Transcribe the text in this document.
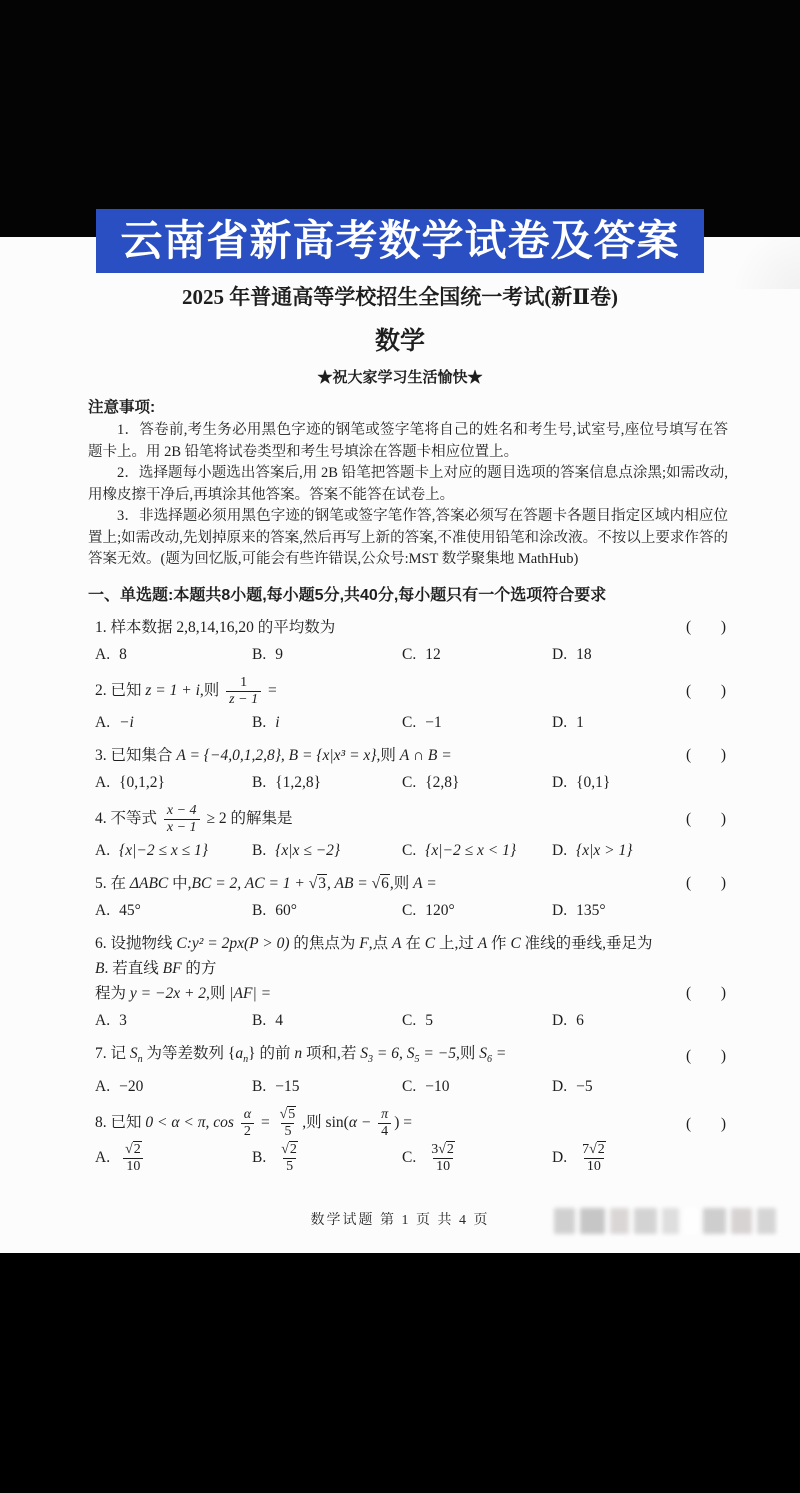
云南省新高考数学试卷及答案

2025 年普通高等学校招生全国统一考试(新Ⅱ卷)

数学

★祝大家学习生活愉快★

注意事项:

1．答卷前,考生务必用黑色字迹的钢笔或签字笔将自己的姓名和考生号,试室号,座位号填写在答题卡上。用 2B 铅笔将试卷类型和考生号填涂在答题卡相应位置上。

2．选择题每小题选出答案后,用 2B 铅笔把答题卡上对应的题目选项的答案信息点涂黑;如需改动,用橡皮擦干净后,再填涂其他答案。答案不能答在试卷上。

3．非选择题必须用黑色字迹的钢笔或签字笔作答,答案必须写在答题卡各题目指定区域内相应位置上;如需改动,先划掉原来的答案,然后再写上新的答案,不准使用铅笔和涂改液。不按以上要求作答的答案无效。(题为回忆版,可能会有些许错误,公众号:MST 数学聚集地 MathHub)

一、单选题:本题共8小题,每小题5分,共40分,每小题只有一个选项符合要求

1. 样本数据 2,8,14,16,20 的平均数为	( )
A. 8	B. 9	C. 12	D. 18
2. 已知 z = 1 + i,则 $\frac{1}{z - 1}$ =	( )
A. −i	B. i	C. −1	D. 1
3. 已知集合 A = {−4,0,1,2,8}, B = {x|x³ = x},则 A ∩ B =	( )
A. {0,1,2}	B. {1,2,8}	C. {2,8}	D. {0,1}
4. 不等式 $\frac{x - 4}{x - 1} \ge 2$ 的解集是	( )
A. {x|−2 ≤ x ≤ 1}	B. {x|x ≤ −2}	C. {x|−2 ≤ x < 1}	D. {x|x > 1}
5. 在 ΔABC 中,BC = 2, AC = 1 + √ 3, AB = √ 6,则 A =	( )
A. 45°	B. 60°	C. 120°	D. 135°
6. 设抛物线 C:y² = 2px(P > 0) 的焦点为 F,点 A 在 C 上,过 A 作 C 准线的垂线,垂足为 B. 若直线 BF 的方
程为 y = −2x + 2,则 |AF| =	( )
A. 3	B. 4	C. 5	D. 6
7. 记 $S_n$ 为等差数列 $\{a_n\}$ 的前 n 项和,若 $S_3 = 6$, $S_5 = -5$,则 $S_6$ =	( )
A. −20	B. −15	C. −10	D. −5
8. 已知 0 < α < π, $\cos \frac{\alpha}{2}$ = √ $\frac{5}{5}$ ,则 $\sin(\alpha - \frac{\pi}{4}$ ) =	( )
A. √ $\frac{2}{10}$	B. √ $\frac{2}{5}$	C. $\frac{3 √ 2}{10}$	D. $\frac{7 √ 2}{10}$
数学试题 第 1 页 共 4 页
